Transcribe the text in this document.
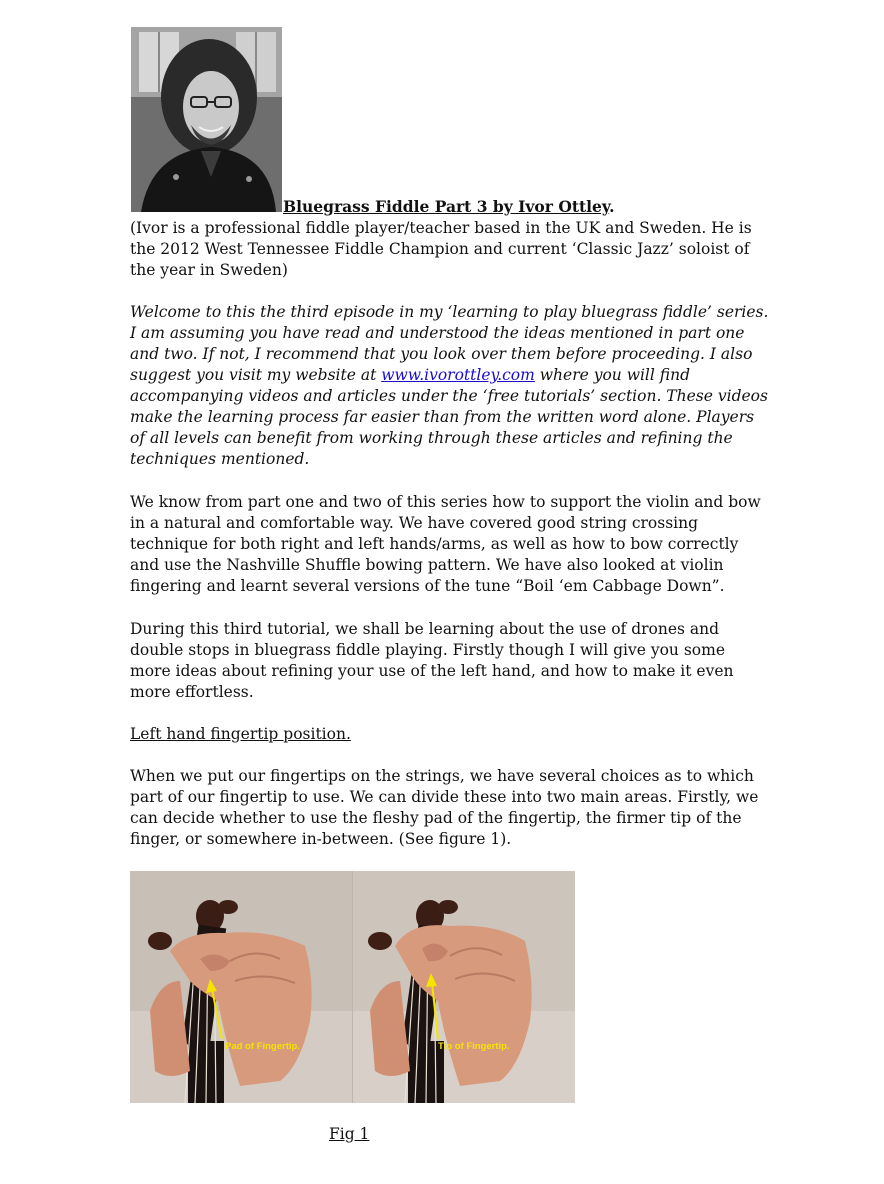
Bluegrass Fiddle Part 3 by Ivor Ottley.

(Ivor is a professional fiddle player/teacher based in the UK and Sweden. He is the 2012 West Tennessee Fiddle Champion and current ‘Classic Jazz’ soloist of the year in Sweden)

Welcome to this the third episode in my ‘learning to play bluegrass fiddle’ series. I am assuming you have read and understood the ideas mentioned in part one and two. If not, I recommend that you look over them before proceeding. I also suggest you visit my website at www.ivorottley.com where you will find accompanying videos and articles under the ‘free tutorials’ section. These videos make the learning process far easier than from the written word alone. Players of all levels can benefit from working through these articles and refining the techniques mentioned.

We know from part one and two of this series how to support the violin and bow in a natural and comfortable way. We have covered good string crossing technique for both right and left hands/arms, as well as how to bow correctly and use the Nashville Shuffle bowing pattern. We have also looked at violin fingering and learnt several versions of the tune “Boil ‘em Cabbage Down”.

During this third tutorial, we shall be learning about the use of drones and double stops in bluegrass fiddle playing. Firstly though I will give you some more ideas about refining your use of the left hand, and how to make it even more effortless.

Left hand fingertip position.

When we put our fingertips on the strings, we have several choices as to which part of our fingertip to use. We can divide these into two main areas. Firstly, we can decide whether to use the fleshy pad of the fingertip, the firmer tip of the finger, or somewhere in-between. (See figure 1).

Pad of Fingertip.	Tip of Fingertip.
Fig 1
